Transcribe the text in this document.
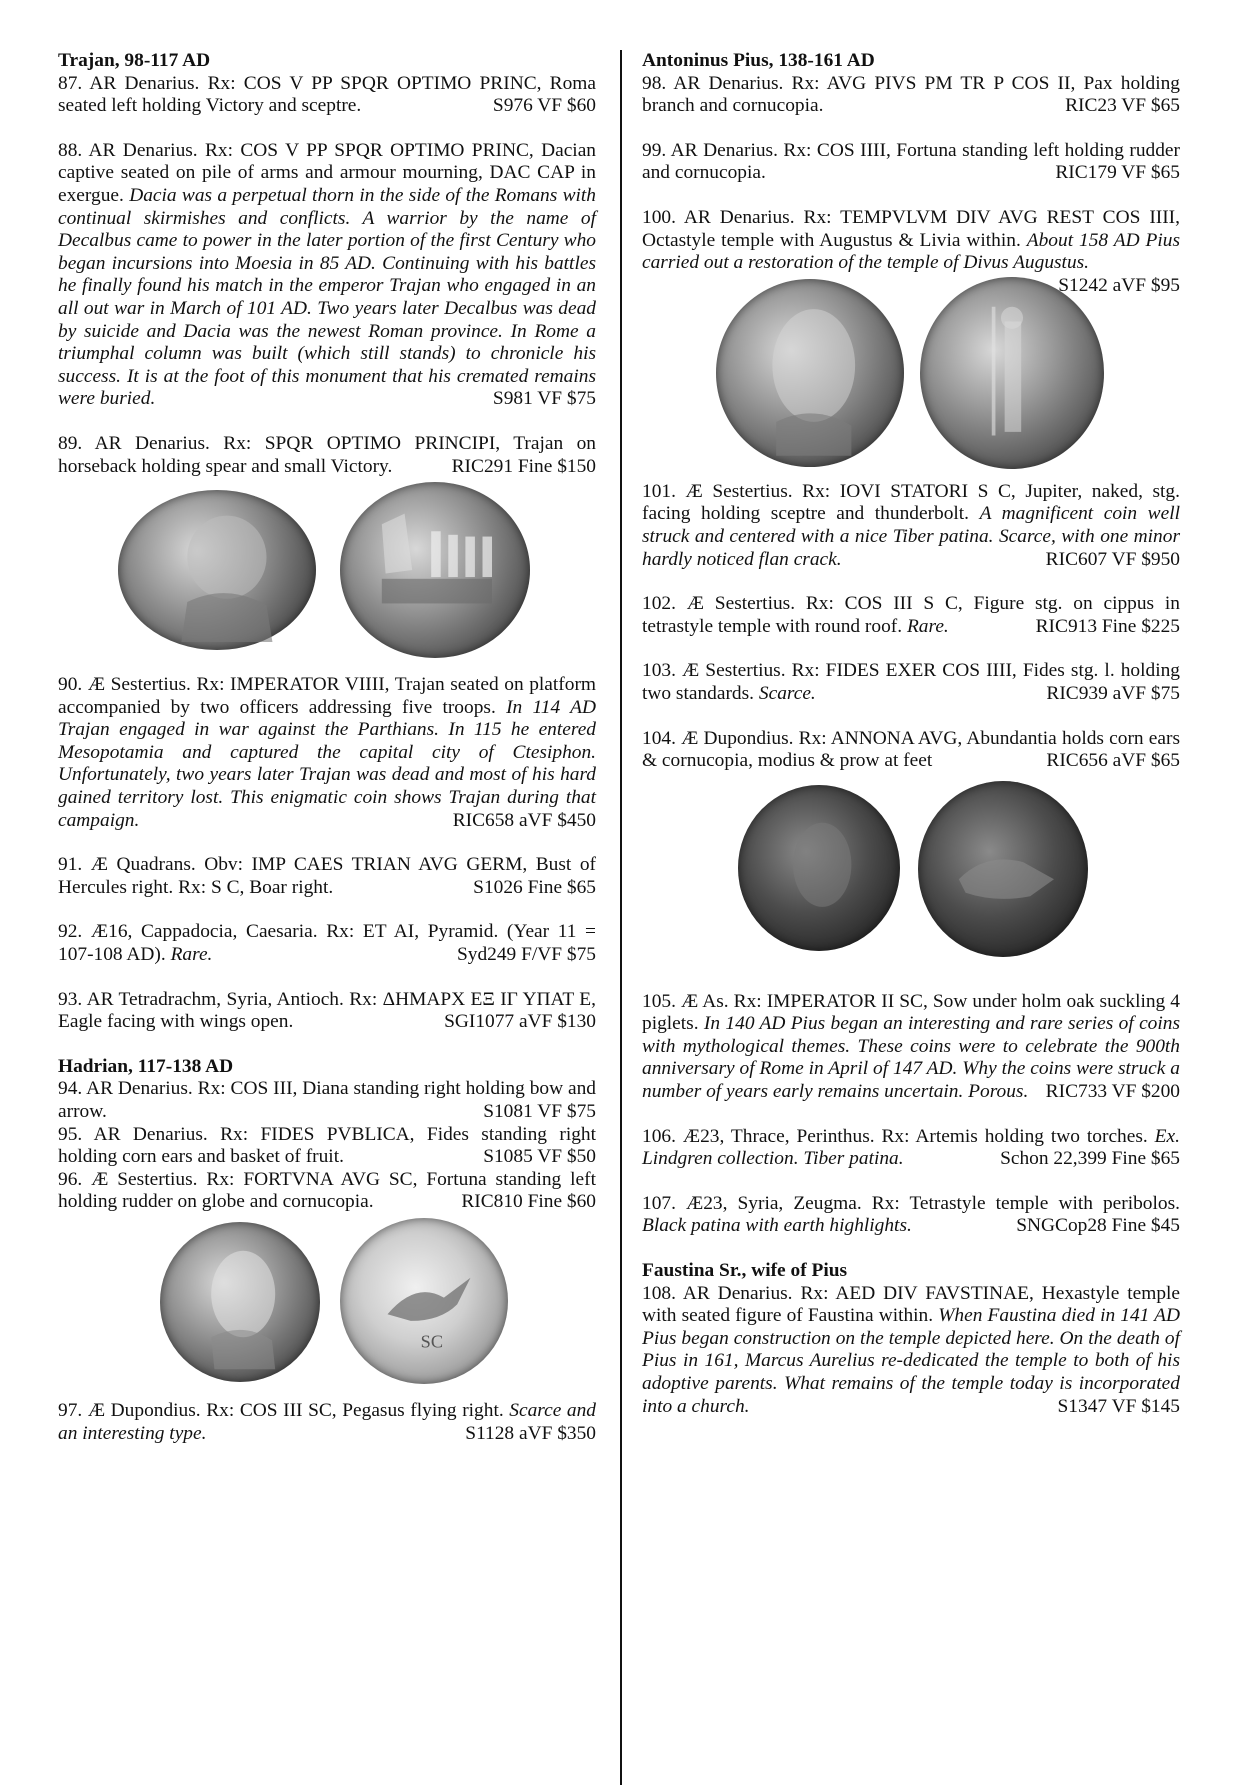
Trajan, 98-117 AD
87. AR Denarius. Rx: COS V PP SPQR OPTIMO PRINC, Roma seated left holding Victory and sceptre.	S976 VF $60
88. AR Denarius. Rx: COS V PP SPQR OPTIMO PRINC, Dacian captive seated on pile of arms and armour mourning, DAC CAP in exergue. Dacia was a perpetual thorn in the side of the Romans with continual skirmishes and conflicts. A warrior by the name of Decalbus came to power in the later portion of the first Century who began incursions into Moesia in 85 AD. Continuing with his battles he finally found his match in the emperor Trajan who engaged in an all out war in March of 101 AD. Two years later Decalbus was dead by suicide and Dacia was the newest Roman province. In Rome a triumphal column was built (which still stands) to chronicle his success. It is at the foot of this monument that his cremated remains were buried.	S981 VF $75
89. AR Denarius. Rx: SPQR OPTIMO PRINCIPI, Trajan on horseback holding spear and small Victory.	RIC291 Fine $150
90. Æ Sestertius. Rx: IMPERATOR VIIII, Trajan seated on platform accompanied by two officers addressing five troops. In 114 AD Trajan engaged in war against the Parthians. In 115 he entered Mesopotamia and captured the capital city of Ctesiphon. Unfortunately, two years later Trajan was dead and most of his hard gained territory lost. This enigmatic coin shows Trajan during that campaign.	RIC658 aVF $450
91. Æ Quadrans. Obv: IMP CAES TRIAN AVG GERM, Bust of Hercules right. Rx: S C, Boar right.	S1026 Fine $65
92. Æ16, Cappadocia, Caesaria. Rx: ET AI, Pyramid. (Year 11 = 107-108 AD). Rare.	Syd249 F/VF $75
93. AR Tetradrachm, Syria, Antioch. Rx: ΔΗΜΑΡΧ ΕΞ ΙΓ ΥΠΑΤ Ε, Eagle facing with wings open.	SGI1077 aVF $130
Hadrian, 117-138 AD
94. AR Denarius. Rx: COS III, Diana standing right holding bow and arrow.	S1081 VF $75
95. AR Denarius. Rx: FIDES PVBLICA, Fides standing right holding corn ears and basket of fruit.	S1085 VF $50
96. Æ Sestertius. Rx: FORTVNA AVG SC, Fortuna standing left holding rudder on globe and cornucopia.	RIC810 Fine $60
SC
97. Æ Dupondius. Rx: COS III SC, Pegasus flying right. Scarce and an interesting type.	S1128 aVF $350
Antoninus Pius, 138-161 AD
98. AR Denarius. Rx: AVG PIVS PM TR P COS II, Pax holding branch and cornucopia.	RIC23 VF $65
99. AR Denarius. Rx: COS IIII, Fortuna standing left holding rudder and cornucopia.	RIC179 VF $65
100. AR Denarius. Rx: TEMPVLVM DIV AVG REST COS IIII, Octastyle temple with Augustus & Livia within. About 158 AD Pius carried out a restoration of the temple of Divus Augustus.
S1242 aVF $95
101. Æ Sestertius. Rx: IOVI STATORI S C, Jupiter, naked, stg. facing holding sceptre and thunderbolt. A magnificent coin well struck and centered with a nice Tiber patina. Scarce, with one minor hardly noticed flan crack.	RIC607 VF $950
102. Æ Sestertius. Rx: COS III S C, Figure stg. on cippus in tetrastyle temple with round roof. Rare.	RIC913 Fine $225
103. Æ Sestertius. Rx: FIDES EXER COS IIII, Fides stg. l. holding two standards. Scarce.	RIC939 aVF $75
104. Æ Dupondius. Rx: ANNONA AVG, Abundantia holds corn ears & cornucopia, modius & prow at feet	RIC656 aVF $65
105. Æ As. Rx: IMPERATOR II SC, Sow under holm oak suckling 4 piglets. In 140 AD Pius began an interesting and rare series of coins with mythological themes. These coins were to celebrate the 900th anniversary of Rome in April of 147 AD. Why the coins were struck a number of years early remains uncertain. Porous. RIC733 VF $200
106. Æ23, Thrace, Perinthus. Rx: Artemis holding two torches. Ex. Lindgren collection. Tiber patina.	Schon 22,399 Fine $65
107. Æ23, Syria, Zeugma. Rx: Tetrastyle temple with peribolos. Black patina with earth highlights.	SNGCop28 Fine $45
Faustina Sr., wife of Pius
108. AR Denarius. Rx: AED DIV FAVSTINAE, Hexastyle temple with seated figure of Faustina within. When Faustina died in 141 AD Pius began construction on the temple depicted here. On the death of Pius in 161, Marcus Aurelius re-dedicated the temple to both of his adoptive parents. What remains of the temple today is incorporated into a church.	S1347 VF $145
